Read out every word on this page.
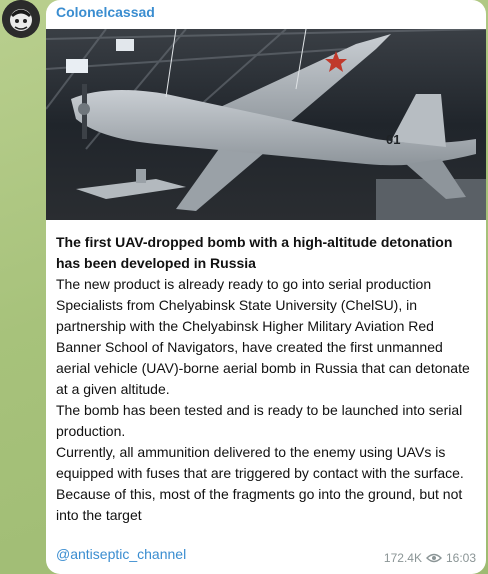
Colonelcassad
01

The first UAV-dropped bomb with a high-altitude detonation has been developed in Russia

The new product is already ready to go into serial production

Specialists from Chelyabinsk State University (ChelSU), in partnership with the Chelyabinsk Higher Military Aviation Red Banner School of Navigators, have created the first unmanned aerial vehicle (UAV)-borne aerial bomb in Russia that can detonate at a given altitude.

The bomb has been tested and is ready to be launched into serial production.

Currently, all ammunition delivered to the enemy using UAVs is equipped with fuses that are triggered by contact with the surface.

Because of this, most of the fragments go into the ground, but not into the target

@antiseptic_channel	172.4K 16:03
